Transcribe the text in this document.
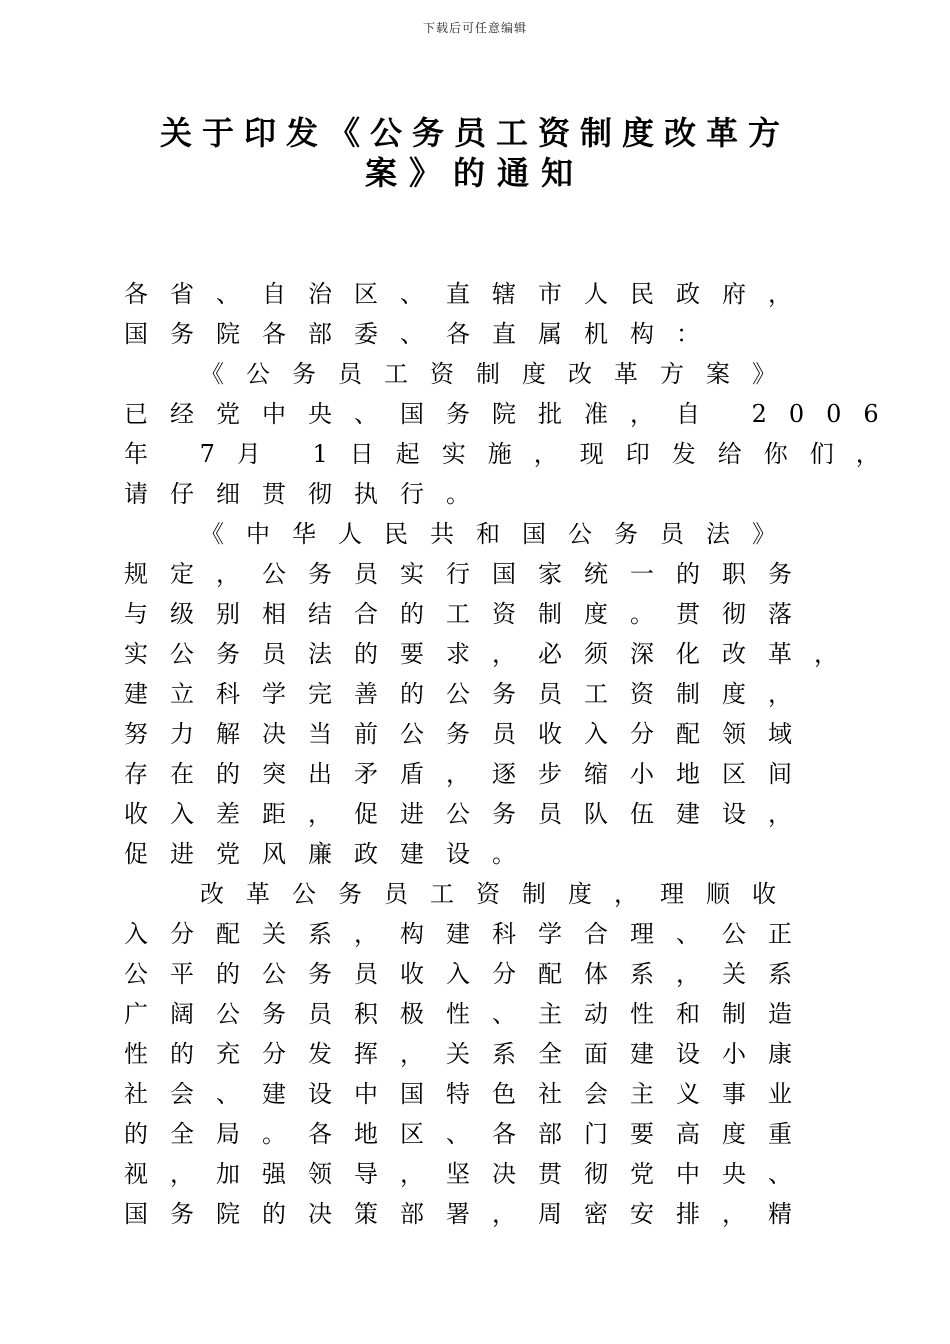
下载后可任意编辑
关于印发《公务员工资制度改革方
案》的通知
各省、自治区、直辖市人民政府，
国务院各部委、各直属机构：
《公务员工资制度改革方案》
已经党中央、国务院批准，自 2006
年 7月 1日起实施，现印发给你们，
请仔细贯彻执行。
《中华人民共和国公务员法》
规定，公务员实行国家统一的职务
与级别相结合的工资制度。贯彻落
实公务员法的要求，必须深化改革，
建立科学完善的公务员工资制度，
努力解决当前公务员收入分配领域
存在的突出矛盾，逐步缩小地区间
收入差距，促进公务员队伍建设，
促进党风廉政建设。
改革公务员工资制度，理顺收
入分配关系，构建科学合理、公正
公平的公务员收入分配体系，关系
广阔公务员积极性、主动性和制造
性的充分发挥，关系全面建设小康
社会、建设中国特色社会主义事业
的全局。各地区、各部门要高度重
视，加强领导，坚决贯彻党中央、
国务院的决策部署，周密安排，精
